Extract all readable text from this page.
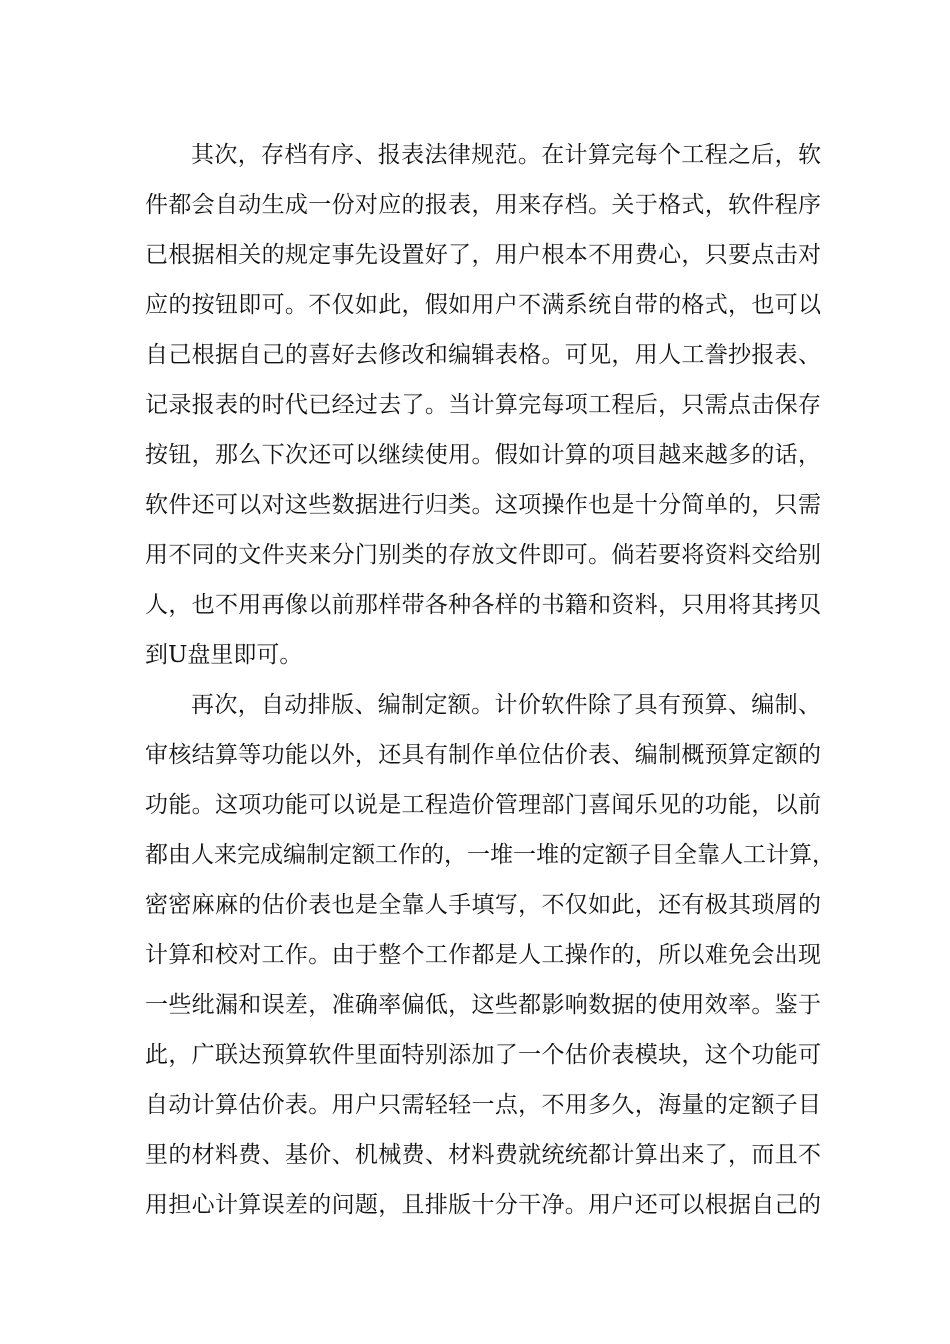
其次，存档有序、报表法律规范。在计算完每个工程之后，软
件都会自动生成一份对应的报表，用来存档。关于格式，软件程序
已根据相关的规定事先设置好了，用户根本不用费心，只要点击对
应的按钮即可。不仅如此，假如用户不满系统自带的格式，也可以
自己根据自己的喜好去修改和编辑表格。可见，用人工誊抄报表、
记录报表的时代已经过去了。当计算完每项工程后，只需点击保存
按钮，那么下次还可以继续使用。假如计算的项目越来越多的话，
软件还可以对这些数据进行归类。这项操作也是十分简单的，只需
用不同的文件夹来分门别类的存放文件即可。倘若要将资料交给别
人，也不用再像以前那样带各种各样的书籍和资料，只用将其拷贝
到U盘里即可。
再次，自动排版、编制定额。计价软件除了具有预算、编制、
审核结算等功能以外，还具有制作单位估价表、编制概预算定额的
功能。这项功能可以说是工程造价管理部门喜闻乐见的功能，以前
都由人来完成编制定额工作的，一堆一堆的定额子目全靠人工计算，
密密麻麻的估价表也是全靠人手填写，不仅如此，还有极其琐屑的
计算和校对工作。由于整个工作都是人工操作的，所以难免会出现
一些纰漏和误差，准确率偏低，这些都影响数据的使用效率。鉴于
此，广联达预算软件里面特别添加了一个估价表模块，这个功能可
自动计算估价表。用户只需轻轻一点，不用多久，海量的定额子目
里的材料费、基价、机械费、材料费就统统都计算出来了，而且不
用担心计算误差的问题，且排版十分干净。用户还可以根据自己的
